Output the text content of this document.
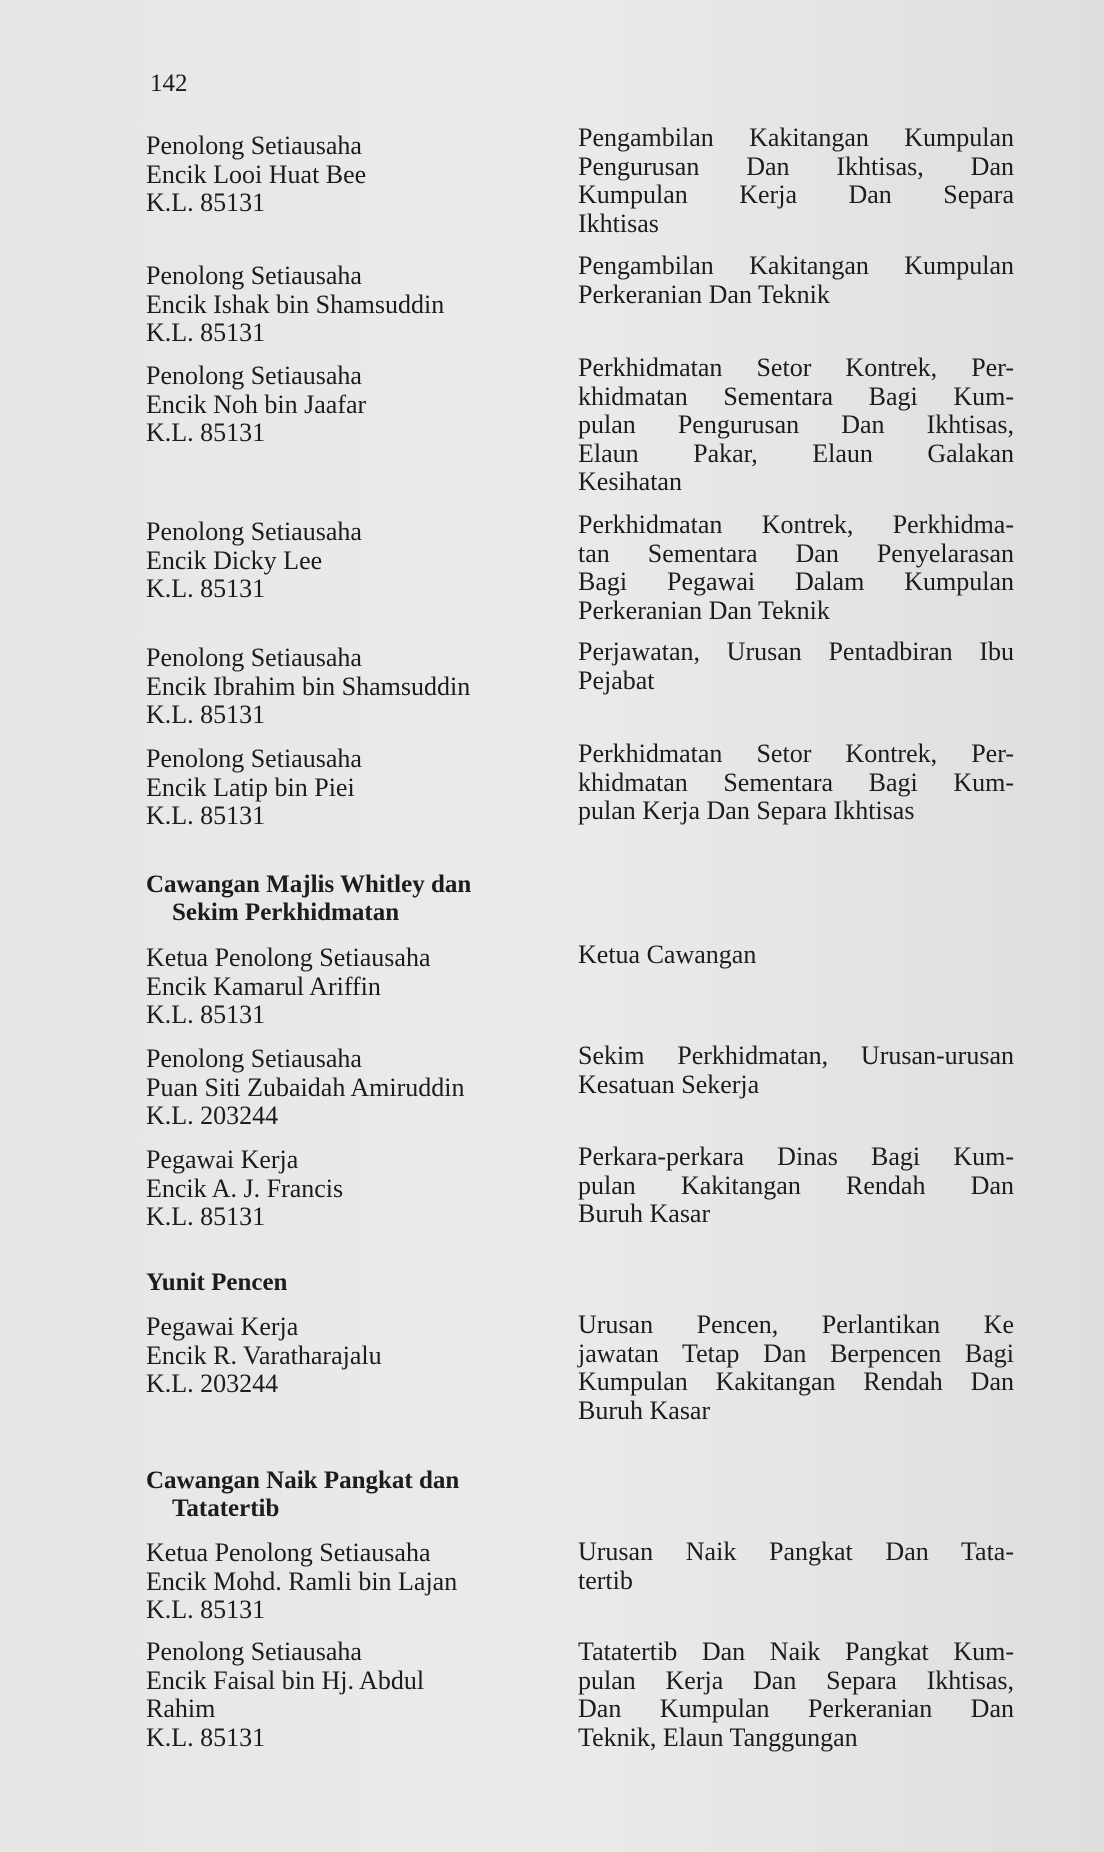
142
Penolong Setiausaha
Encik Looi Huat Bee
K.L. 85131
Pengambilan Kakitangan Kumpulan
Pengurusan Dan Ikhtisas, Dan
Kumpulan Kerja Dan Separa
Ikhtisas
Penolong Setiausaha
Encik Ishak bin Shamsuddin
K.L. 85131
Pengambilan Kakitangan Kumpulan
Perkeranian Dan Teknik
Penolong Setiausaha
Encik Noh bin Jaafar
K.L. 85131
Perkhidmatan Setor Kontrek, Per-
khidmatan Sementara Bagi Kum-
pulan Pengurusan Dan Ikhtisas,
Elaun Pakar, Elaun Galakan
Kesihatan
Penolong Setiausaha
Encik Dicky Lee
K.L. 85131
Perkhidmatan Kontrek, Perkhidma-
tan Sementara Dan Penyelarasan
Bagi Pegawai Dalam Kumpulan
Perkeranian Dan Teknik
Penolong Setiausaha
Encik Ibrahim bin Shamsuddin
K.L. 85131
Perjawatan, Urusan Pentadbiran Ibu
Pejabat
Penolong Setiausaha
Encik Latip bin Piei
K.L. 85131
Perkhidmatan Setor Kontrek, Per-
khidmatan Sementara Bagi Kum-
pulan Kerja Dan Separa Ikhtisas
Cawangan Majlis Whitley dan
Sekim Perkhidmatan
Ketua Penolong Setiausaha
Encik Kamarul Ariffin
K.L. 85131
Ketua Cawangan
Penolong Setiausaha
Puan Siti Zubaidah Amiruddin
K.L. 203244
Sekim Perkhidmatan, Urusan-urusan
Kesatuan Sekerja
Pegawai Kerja
Encik A. J. Francis
K.L. 85131
Perkara-perkara Dinas Bagi Kum-
pulan Kakitangan Rendah Dan
Buruh Kasar
Yunit Pencen
Pegawai Kerja
Encik R. Varatharajalu
K.L. 203244
Urusan Pencen, Perlantikan Ke
jawatan Tetap Dan Berpencen Bagi
Kumpulan Kakitangan Rendah Dan
Buruh Kasar
Cawangan Naik Pangkat dan
Tatatertib
Ketua Penolong Setiausaha
Encik Mohd. Ramli bin Lajan
K.L. 85131
Urusan Naik Pangkat Dan Tata-
tertib
Penolong Setiausaha
Encik Faisal bin Hj. Abdul
Rahim
K.L. 85131
Tatatertib Dan Naik Pangkat Kum-
pulan Kerja Dan Separa Ikhtisas,
Dan Kumpulan Perkeranian Dan
Teknik, Elaun Tanggungan
